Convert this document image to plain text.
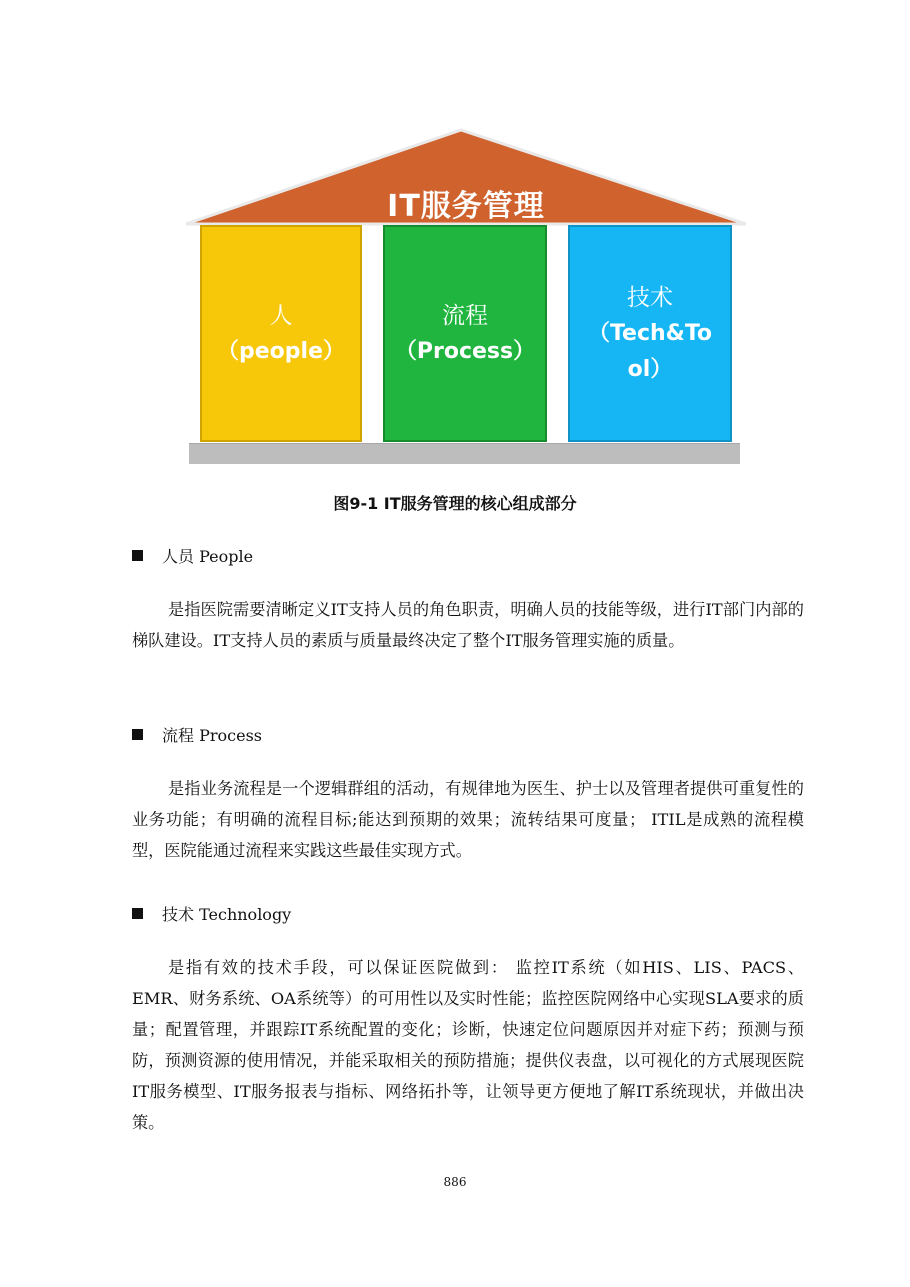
IT服务管理
人
（people）
流程
（Process）
技术
（Tech&To
ol）
图9-1 IT服务管理的核心组成部分
人员 People

是指医院需要清晰定义IT支持人员的角色职责，明确人员的技能等级，进行IT部门内部的梯队建设。IT支持人员的素质与质量最终决定了整个IT服务管理实施的质量。

流程 Process

是指业务流程是一个逻辑群组的活动，有规律地为医生、护士以及管理者提供可重复性的业务功能；有明确的流程目标;能达到预期的效果；流转结果可度量； ITIL是成熟的流程模型，医院能通过流程来实践这些最佳实现方式。

技术 Technology

是指有效的技术手段，可以保证医院做到： 监控IT系统（如HIS、LIS、PACS、EMR、财务系统、OA系统等）的可用性以及实时性能；监控医院网络中心实现SLA要求的质量；配置管理，并跟踪IT系统配置的变化；诊断，快速定位问题原因并对症下药；预测与预防，预测资源的使用情况，并能采取相关的预防措施；提供仪表盘，以可视化的方式展现医院IT服务模型、IT服务报表与指标、网络拓扑等，让领导更方便地了解IT系统现状，并做出决策。

886
